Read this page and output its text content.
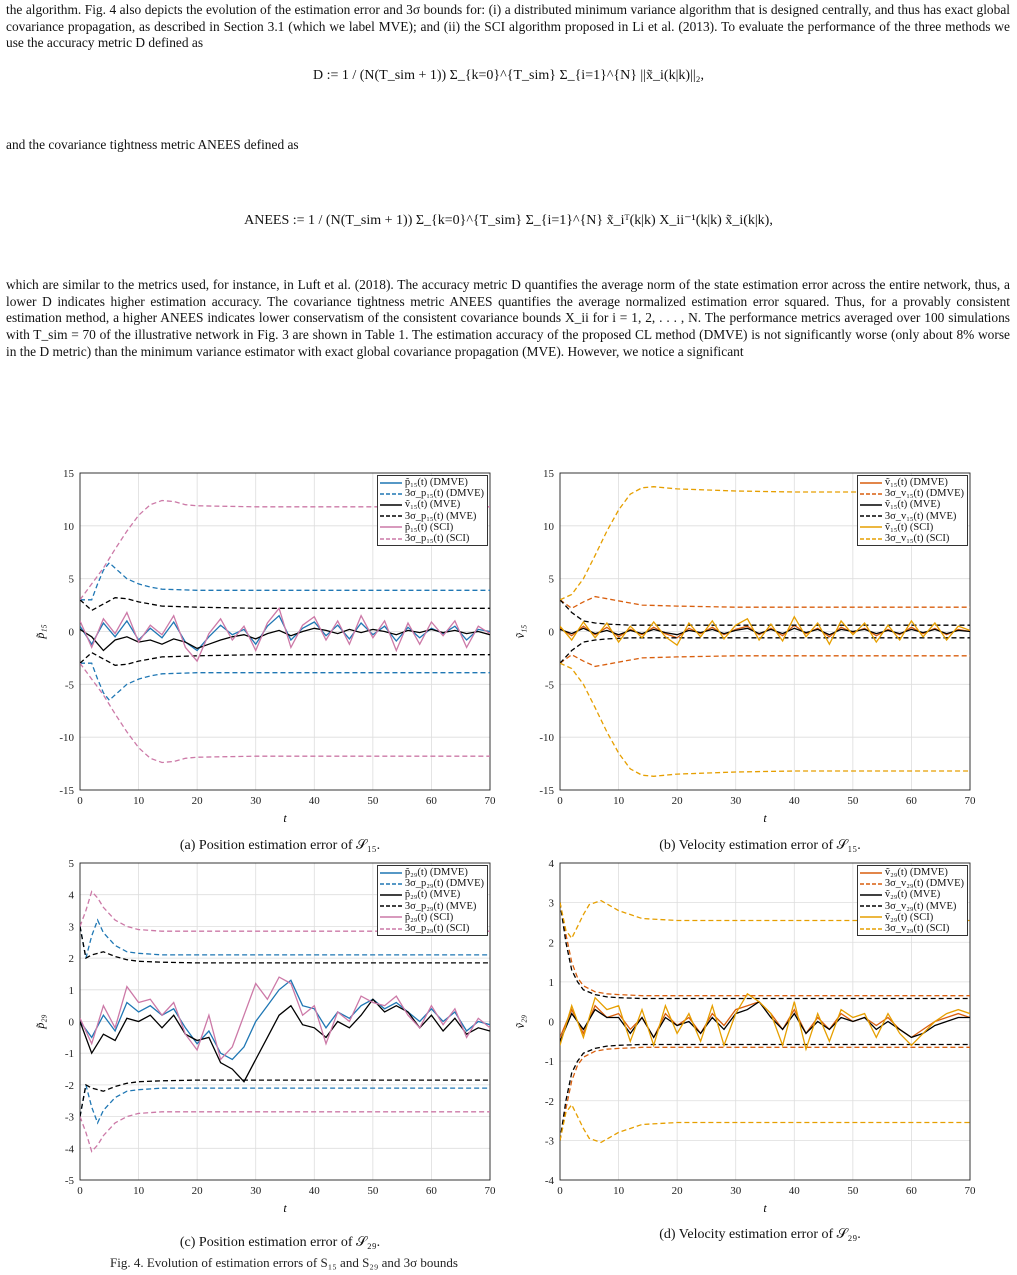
the algorithm. Fig. 4 also depicts the evolution of the estimation error and 3σ bounds for: (i) a distributed minimum variance algorithm that is designed centrally, and thus has exact global covariance propagation, as described in Section 3.1 (which we label MVE); and (ii) the SCI algorithm proposed in Li et al. (2013). To evaluate the performance of the three methods we use the accuracy metric D defined as

D := 1 / (N(T_sim + 1)) Σ_{k=0}^{T_sim} Σ_{i=1}^{N} ||x̃_i(k|k)||₂,

and the covariance tightness metric ANEES defined as

ANEES := 1 / (N(T_sim + 1)) Σ_{k=0}^{T_sim} Σ_{i=1}^{N} x̃_iᵀ(k|k) X_ii⁻¹(k|k) x̃_i(k|k),

which are similar to the metrics used, for instance, in Luft et al. (2018). The accuracy metric D quantifies the average norm of the state estimation error across the entire network, thus, a lower D indicates higher estimation accuracy. The covariance tightness metric ANEES quantifies the average normalized estimation error squared. Thus, for a provably consistent estimation method, a higher ANEES indicates lower conservatism of the consistent covariance bounds X_ii for i = 1, 2, . . . , N. The performance metrics averaged over 100 simulations with T_sim = 70 of the illustrative network in Fig. 3 are shown in Table 1. The estimation accuracy of the proposed CL method (DMVE) is not significantly worse (only about 8% worse in the D metric) than the minimum variance estimator with exact global covariance propagation (MVE). However, we notice a significant

0	10	20	30	40	50	60	70
-15
-10
-5
0
5
10
15
t
p̃₁₅
p̃₁₅(t) (DMVE)
3σ_p₁₅(t) (DMVE)
ṽ₁₅(t) (MVE)
3σ_p₁₅(t) (MVE)
p̃₁₅(t) (SCI)
3σ_p₁₅(t) (SCI)
(a) Position estimation error of 𝒮₁₅.
0	10	20	30	40	50	60	70
-15
-10
-5
0
5
10
15
t
ṽ₁₅
ṽ₁₅(t) (DMVE)
3σ_v₁₅(t) (DMVE)
ṽ₁₅(t) (MVE)
3σ_v₁₅(t) (MVE)
ṽ₁₅(t) (SCI)
3σ_v₁₅(t) (SCI)
(b) Velocity estimation error of 𝒮₁₅.
0	10	20	30	40	50	60	70
-5
-4
-3
-2
-1
0
1
2
3
4
5
t
p̃₂₉
p̃₂₉(t) (DMVE)
3σ_p₂₉(t) (DMVE)
p̃₂₉(t) (MVE)
3σ_p₂₉(t) (MVE)
p̃₂₉(t) (SCI)
3σ_p₂₉(t) (SCI)
(c) Position estimation error of 𝒮₂₉.
0	10	20	30	40	50	60	70
-4
-3
-2
-1
0
1
2
3
4
t
ṽ₂₉
ṽ₂₉(t) (DMVE)
3σ_v₂₉(t) (DMVE)
ṽ₂₉(t) (MVE)
3σ_v₂₉(t) (MVE)
ṽ₂₉(t) (SCI)
3σ_v₂₉(t) (SCI)
(d) Velocity estimation error of 𝒮₂₉.
Fig. 4. Evolution of estimation errors of S₁₅ and S₂₉ and 3σ bounds
